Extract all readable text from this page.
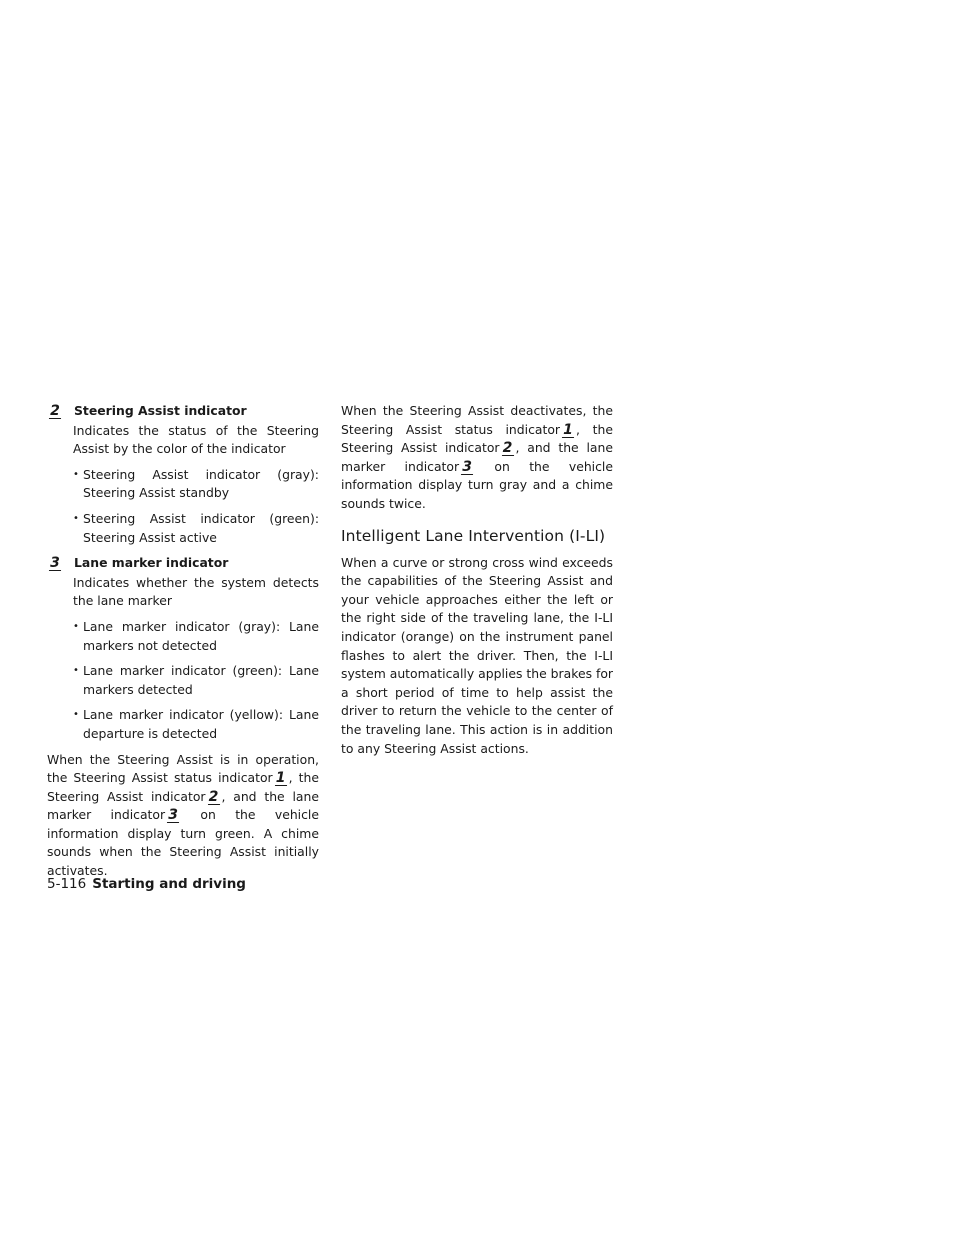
2 Steering Assist indicator

Indicates the status of the Steering Assist by the color of the indicator

• Steering Assist indicator (gray): Steering Assist standby
• Steering Assist indicator (green): Steering Assist active
3 Lane marker indicator

Indicates whether the system detects the lane marker

• Lane marker indicator (gray): Lane markers not detected
• Lane marker indicator (green): Lane markers detected
• Lane marker indicator (yellow): Lane departure is detected

When the Steering Assist is in operation, the Steering Assist status indicator 1 , the Steering Assist indicator 2 , and the lane marker indicator 3 on the vehicle information display turn green. A chime sounds when the Steering Assist initially activates.

When the Steering Assist deactivates, the Steering Assist status indicator 1 , the Steering Assist indicator 2 , and the lane marker indicator 3 on the vehicle information display turn gray and a chime sounds twice.

Intelligent Lane Intervention (I-LI)

When a curve or strong cross wind exceeds the capabilities of the Steering Assist and your vehicle approaches either the left or the right side of the traveling lane, the I-LI indicator (orange) on the instrument panel flashes to alert the driver. Then, the I-LI system automatically applies the brakes for a short period of time to help assist the driver to return the vehicle to the center of the traveling lane. This action is in addition to any Steering Assist actions.

5-116 Starting and driving
